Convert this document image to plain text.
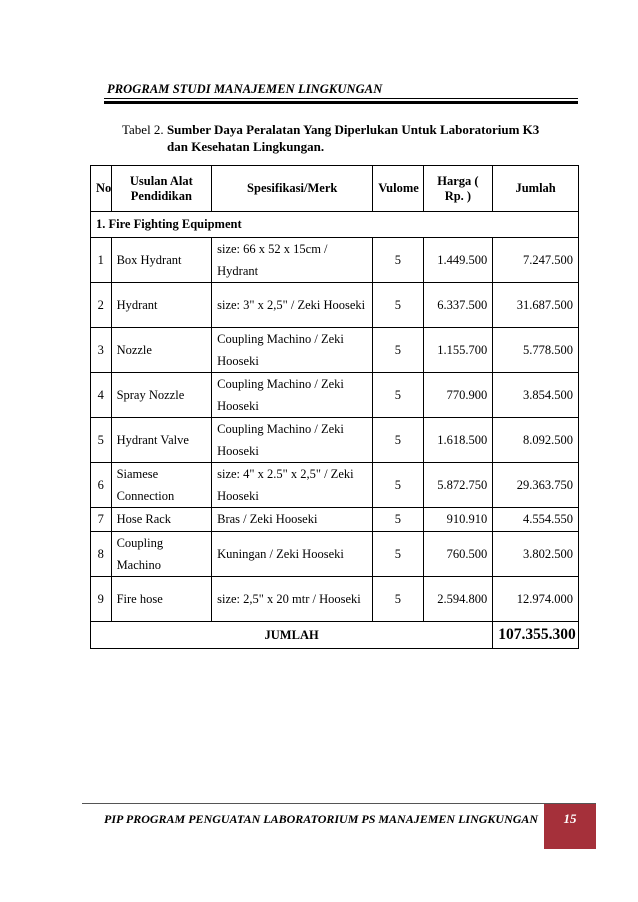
PROGRAM STUDI MANAJEMEN LINGKUNGAN
Tabel 2. Sumber Daya Peralatan Yang Diperlukan Untuk Laboratorium K3
dan Kesehatan Lingkungan.
No	Usulan Alat Pendidikan	Spesifikasi/Merk	Vulome	Harga ( Rp. )	Jumlah
1. Fire Fighting Equipment					
1	Box Hydrant	size: 66 x 52 x 15cm / Hydrant	5	1.449.500	7.247.500
2	Hydrant	size: 3" x 2,5" / Zeki Hooseki	5	6.337.500	31.687.500
3	Nozzle	Coupling Machino / Zeki Hooseki	5	1.155.700	5.778.500
4	Spray Nozzle	Coupling Machino / Zeki Hooseki	5	770.900	3.854.500
5	Hydrant Valve	Coupling Machino / Zeki Hooseki	5	1.618.500	8.092.500
6	Siamese Connection	size: 4" x 2.5" x 2,5" / Zeki Hooseki	5	5.872.750	29.363.750
7	Hose Rack	Bras / Zeki Hooseki	5	910.910	4.554.550
8	Coupling Machino	Kuningan / Zeki Hooseki	5	760.500	3.802.500
9	Fire hose	size: 2,5" x 20 mtr / Hooseki	5	2.594.800	12.974.000
JUMLAH					107.355.300
PIP PROGRAM PENGUATAN LABORATORIUM PS MANAJEMEN LINGKUNGAN	15
